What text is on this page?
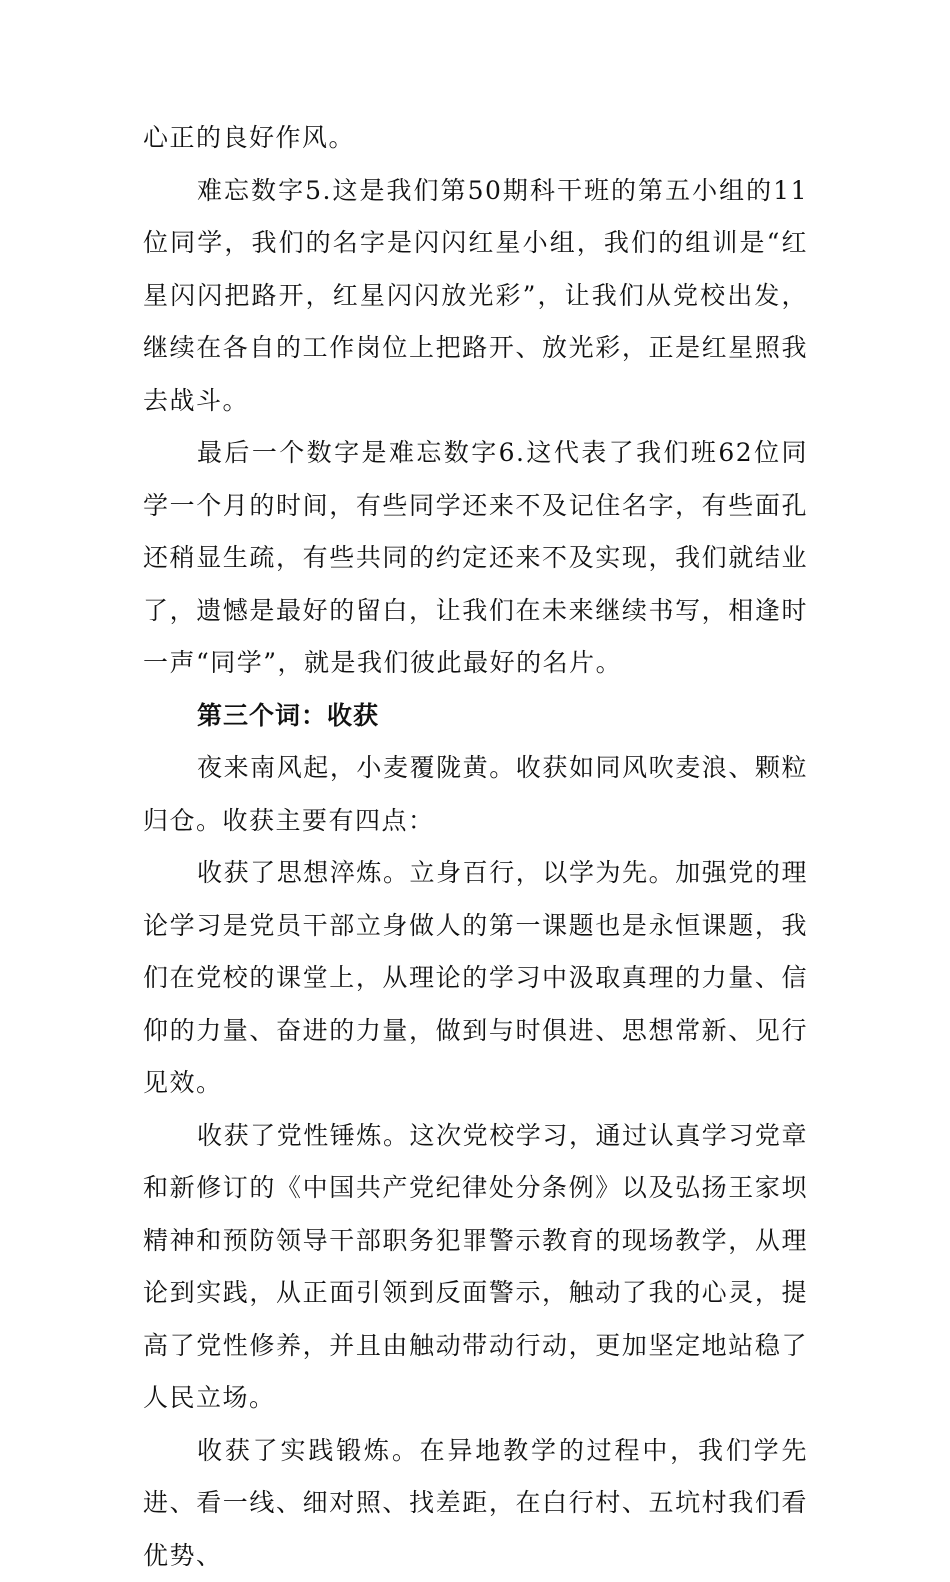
心正的良好作风。

难忘数字5.这是我们第50期科干班的第五小组的11位同学，我们的名字是闪闪红星小组，我们的组训是“红星闪闪把路开，红星闪闪放光彩”，让我们从党校出发，继续在各自的工作岗位上把路开、放光彩，正是红星照我去战斗。

最后一个数字是难忘数字6.这代表了我们班62位同学一个月的时间，有些同学还来不及记住名字，有些面孔还稍显生疏，有些共同的约定还来不及实现，我们就结业了，遗憾是最好的留白，让我们在未来继续书写，相逢时一声“同学”，就是我们彼此最好的名片。

第三个词：收获

夜来南风起，小麦覆陇黄。收获如同风吹麦浪、颗粒归仓。收获主要有四点：

收获了思想淬炼。立身百行，以学为先。加强党的理论学习是党员干部立身做人的第一课题也是永恒课题，我们在党校的课堂上，从理论的学习中汲取真理的力量、信仰的力量、奋进的力量，做到与时俱进、思想常新、见行见效。

收获了党性锤炼。这次党校学习，通过认真学习党章和新修订的《中国共产党纪律处分条例》以及弘扬王家坝精神和预防领导干部职务犯罪警示教育的现场教学，从理论到实践，从正面引领到反面警示，触动了我的心灵，提高了党性修养，并且由触动带动行动，更加坚定地站稳了人民立场。

收获了实践锻炼。在异地教学的过程中，我们学先进、看一线、细对照、找差距，在白行村、五坑村我们看优势、
